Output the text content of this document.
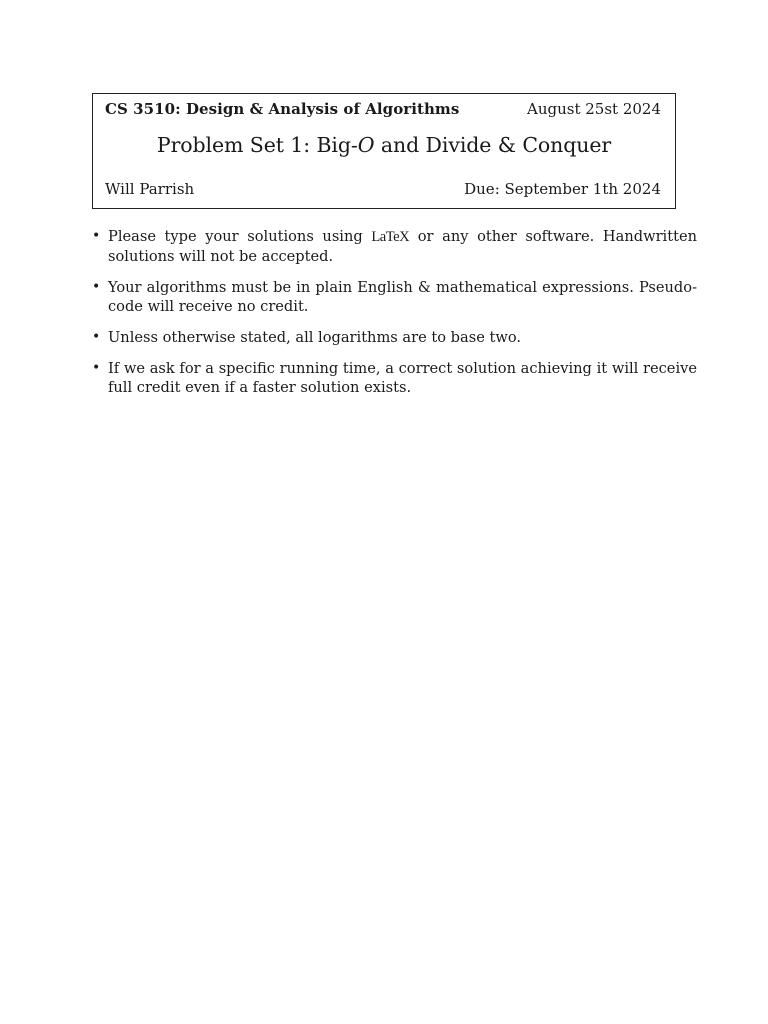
CS 3510: Design & Analysis of Algorithms	August 25st 2024
Problem Set 1: Big-O and Divide & Conquer
Will Parrish	Due: September 1th 2024
• Please type your solutions using LaTeX or any other software. Handwritten solutions will not be accepted.
• Your algorithms must be in plain English & mathematical expressions. Pseudo-code will receive no credit.
• Unless otherwise stated, all logarithms are to base two.
• If we ask for a specific running time, a correct solution achieving it will receive full credit even if a faster solution exists.
